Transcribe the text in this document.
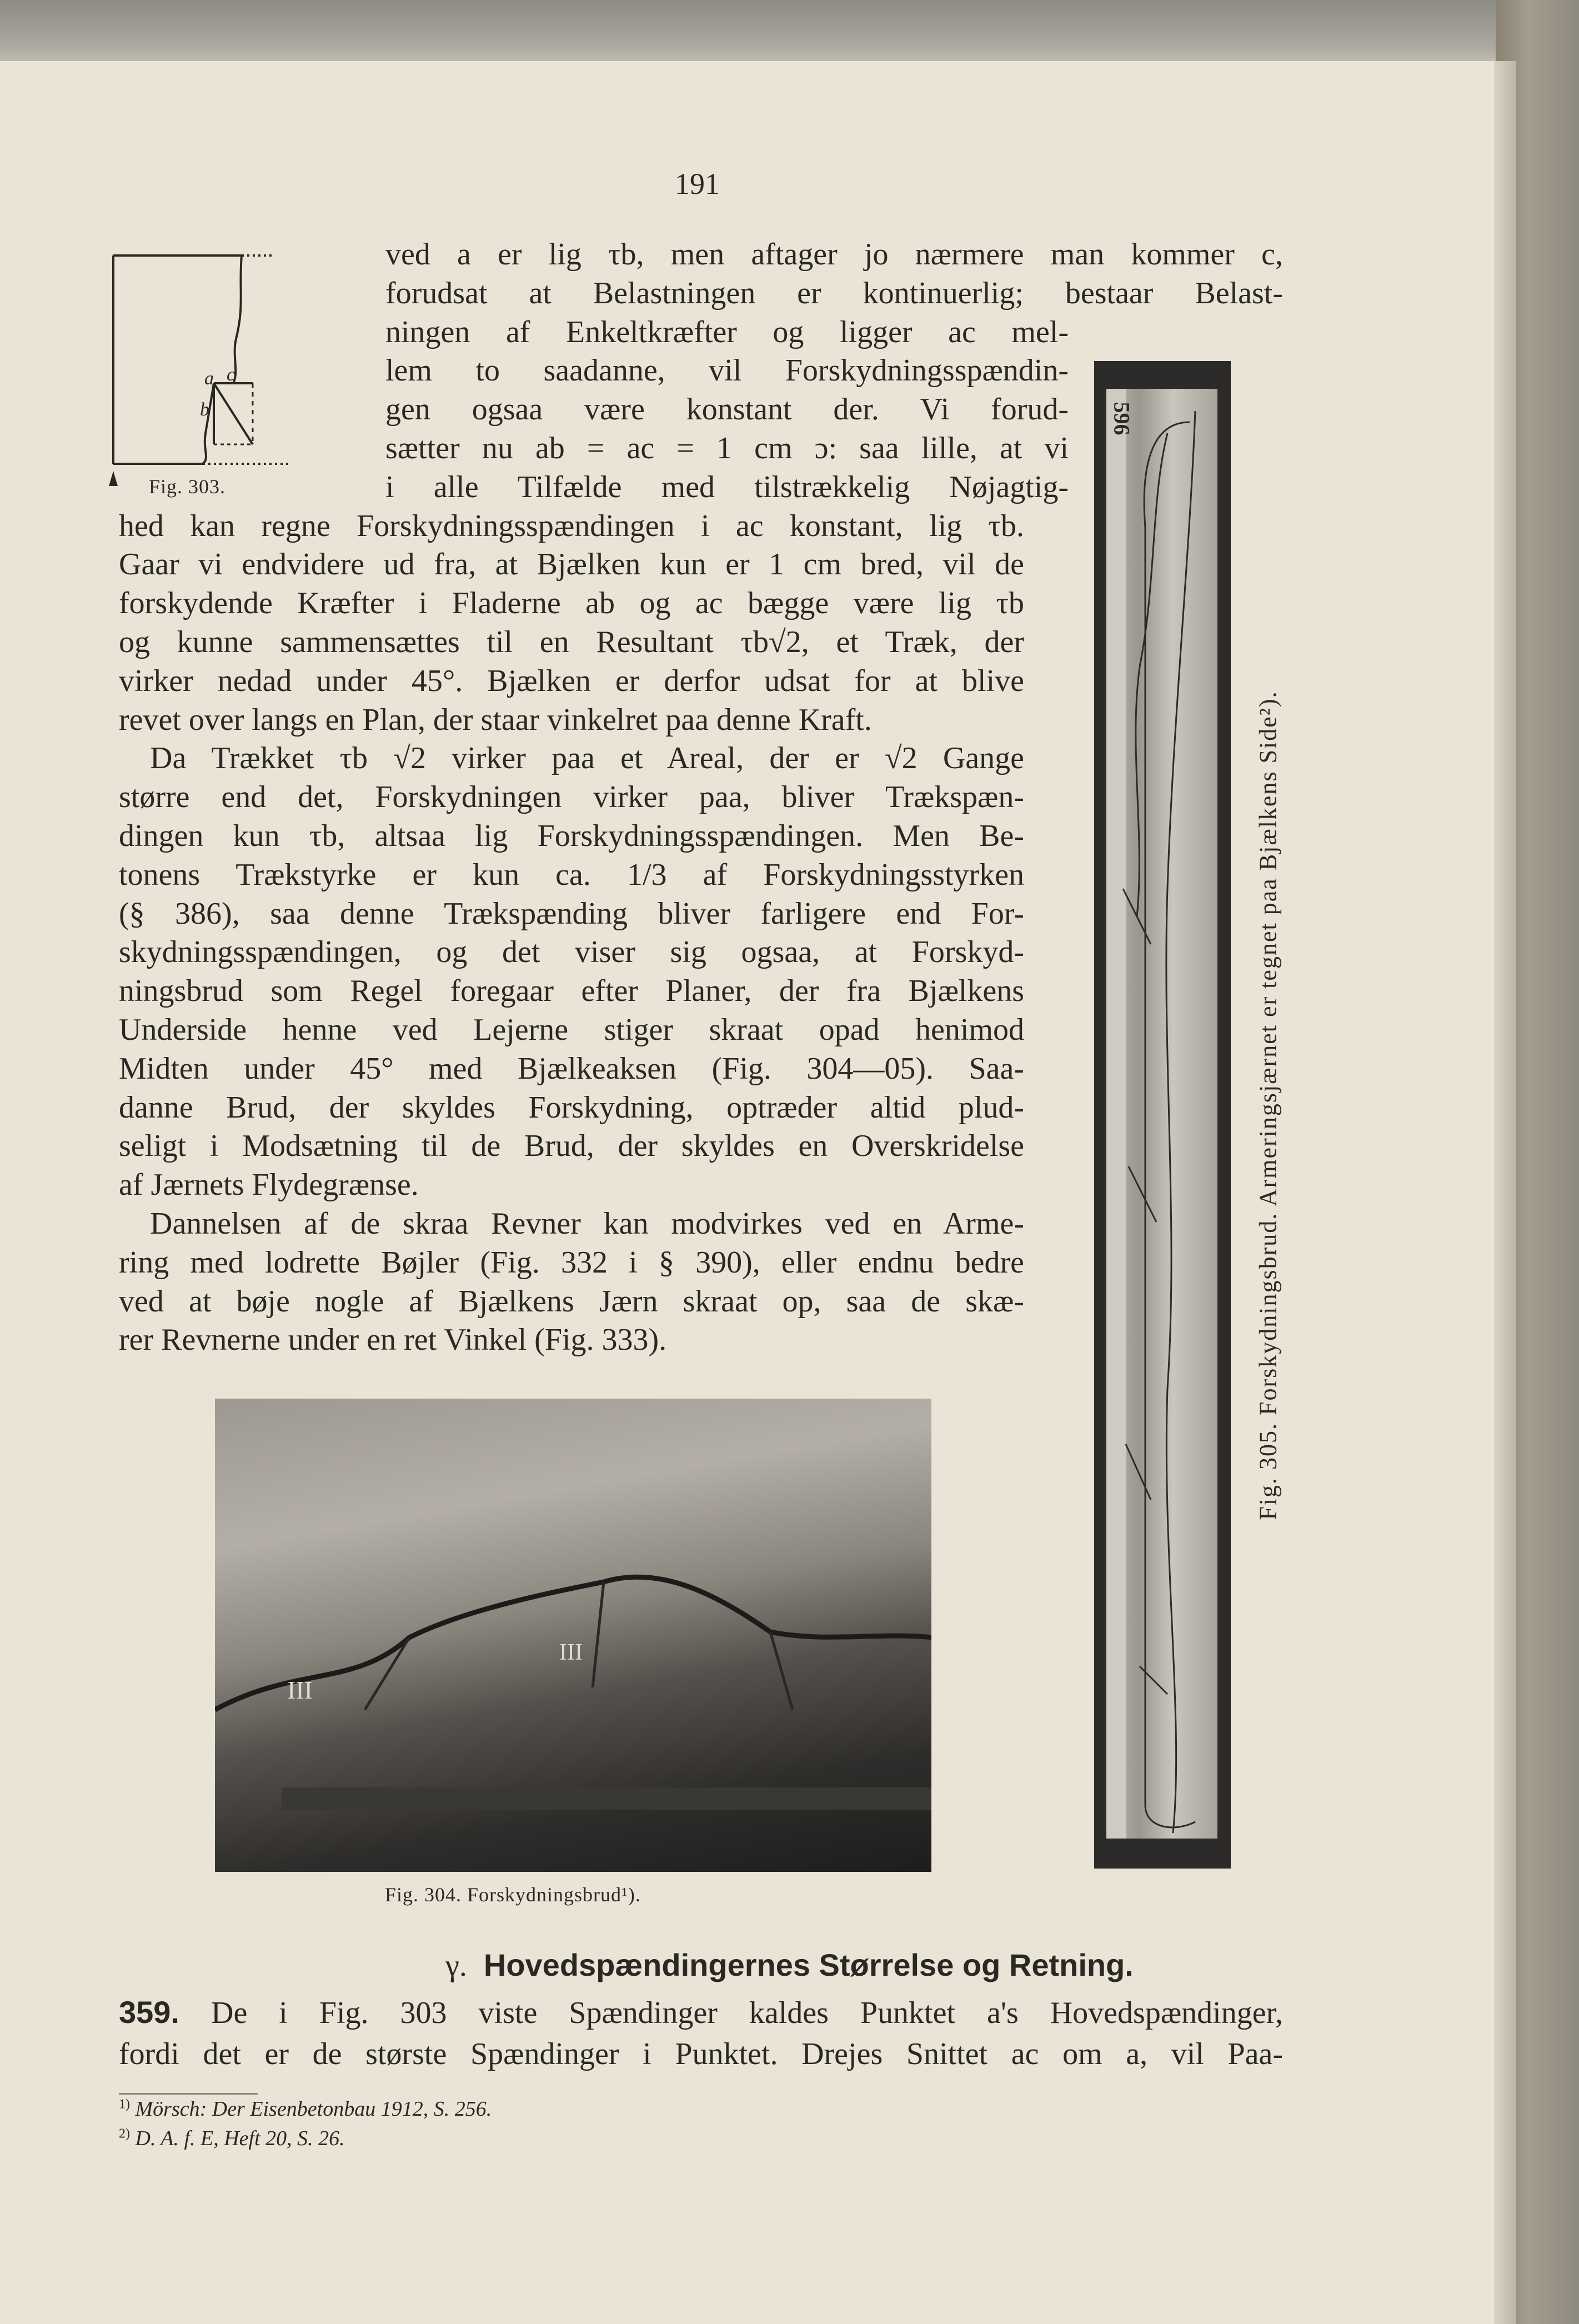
191
a c
b
Fig. 303.
ved a er lig τb, men aftager jo nærmere man kommer c,
forudsat at Belastningen er kontinuerlig; bestaar Belast-
ningen af Enkeltkræfter og ligger ac mel-
lem to saadanne, vil Forskydningsspændin-
gen ogsaa være konstant der. Vi forud-
sætter nu ab = ac = 1 cm ɔ: saa lille, at vi
i alle Tilfælde med tilstrækkelig Nøjagtig-
hed kan regne Forskydningsspændingen i ac konstant, lig τb.
Gaar vi endvidere ud fra, at Bjælken kun er 1 cm bred, vil de
forskydende Kræfter i Fladerne ab og ac bægge være lig τb
og kunne sammensættes til en Resultant τb√2, et Træk, der
virker nedad under 45°. Bjælken er derfor udsat for at blive
revet over langs en Plan, der staar vinkelret paa denne Kraft.
Da Trækket τb √2 virker paa et Areal, der er √2 Gange
større end det, Forskydningen virker paa, bliver Trækspæn-
dingen kun τb, altsaa lig Forskydningsspændingen. Men Be-
tonens Trækstyrke er kun ca. 1/3 af Forskydningsstyrken
(§ 386), saa denne Trækspænding bliver farligere end For-
skydningsspændingen, og det viser sig ogsaa, at Forskyd-
ningsbrud som Regel foregaar efter Planer, der fra Bjælkens
Underside henne ved Lejerne stiger skraat opad henimod
Midten under 45° med Bjælkeaksen (Fig. 304—05). Saa-
danne Brud, der skyldes Forskydning, optræder altid plud-
seligt i Modsætning til de Brud, der skyldes en Overskridelse
af Jærnets Flydegrænse.
Dannelsen af de skraa Revner kan modvirkes ved en Arme-
ring med lodrette Bøjler (Fig. 332 i § 390), eller endnu bedre
ved at bøje nogle af Bjælkens Jærn skraat op, saa de skæ-
rer Revnerne under en ret Vinkel (Fig. 333).
596
Fig. 305. Forskydningsbrud. Armeringsjærnet er tegnet paa Bjælkens Side²).
III
III
Fig. 304. Forskydningsbrud¹).
γ. Hovedspændingernes Størrelse og Retning.
359. De i Fig. 303 viste Spændinger kaldes Punktet a's Hovedspændinger,
fordi det er de største Spændinger i Punktet. Drejes Snittet ac om a, vil Paa-
$^{1)}$ Mörsch: Der Eisenbetonbau 1912, S. 256.
$^{2)}$ D. A. f. E, Heft 20, S. 26.
